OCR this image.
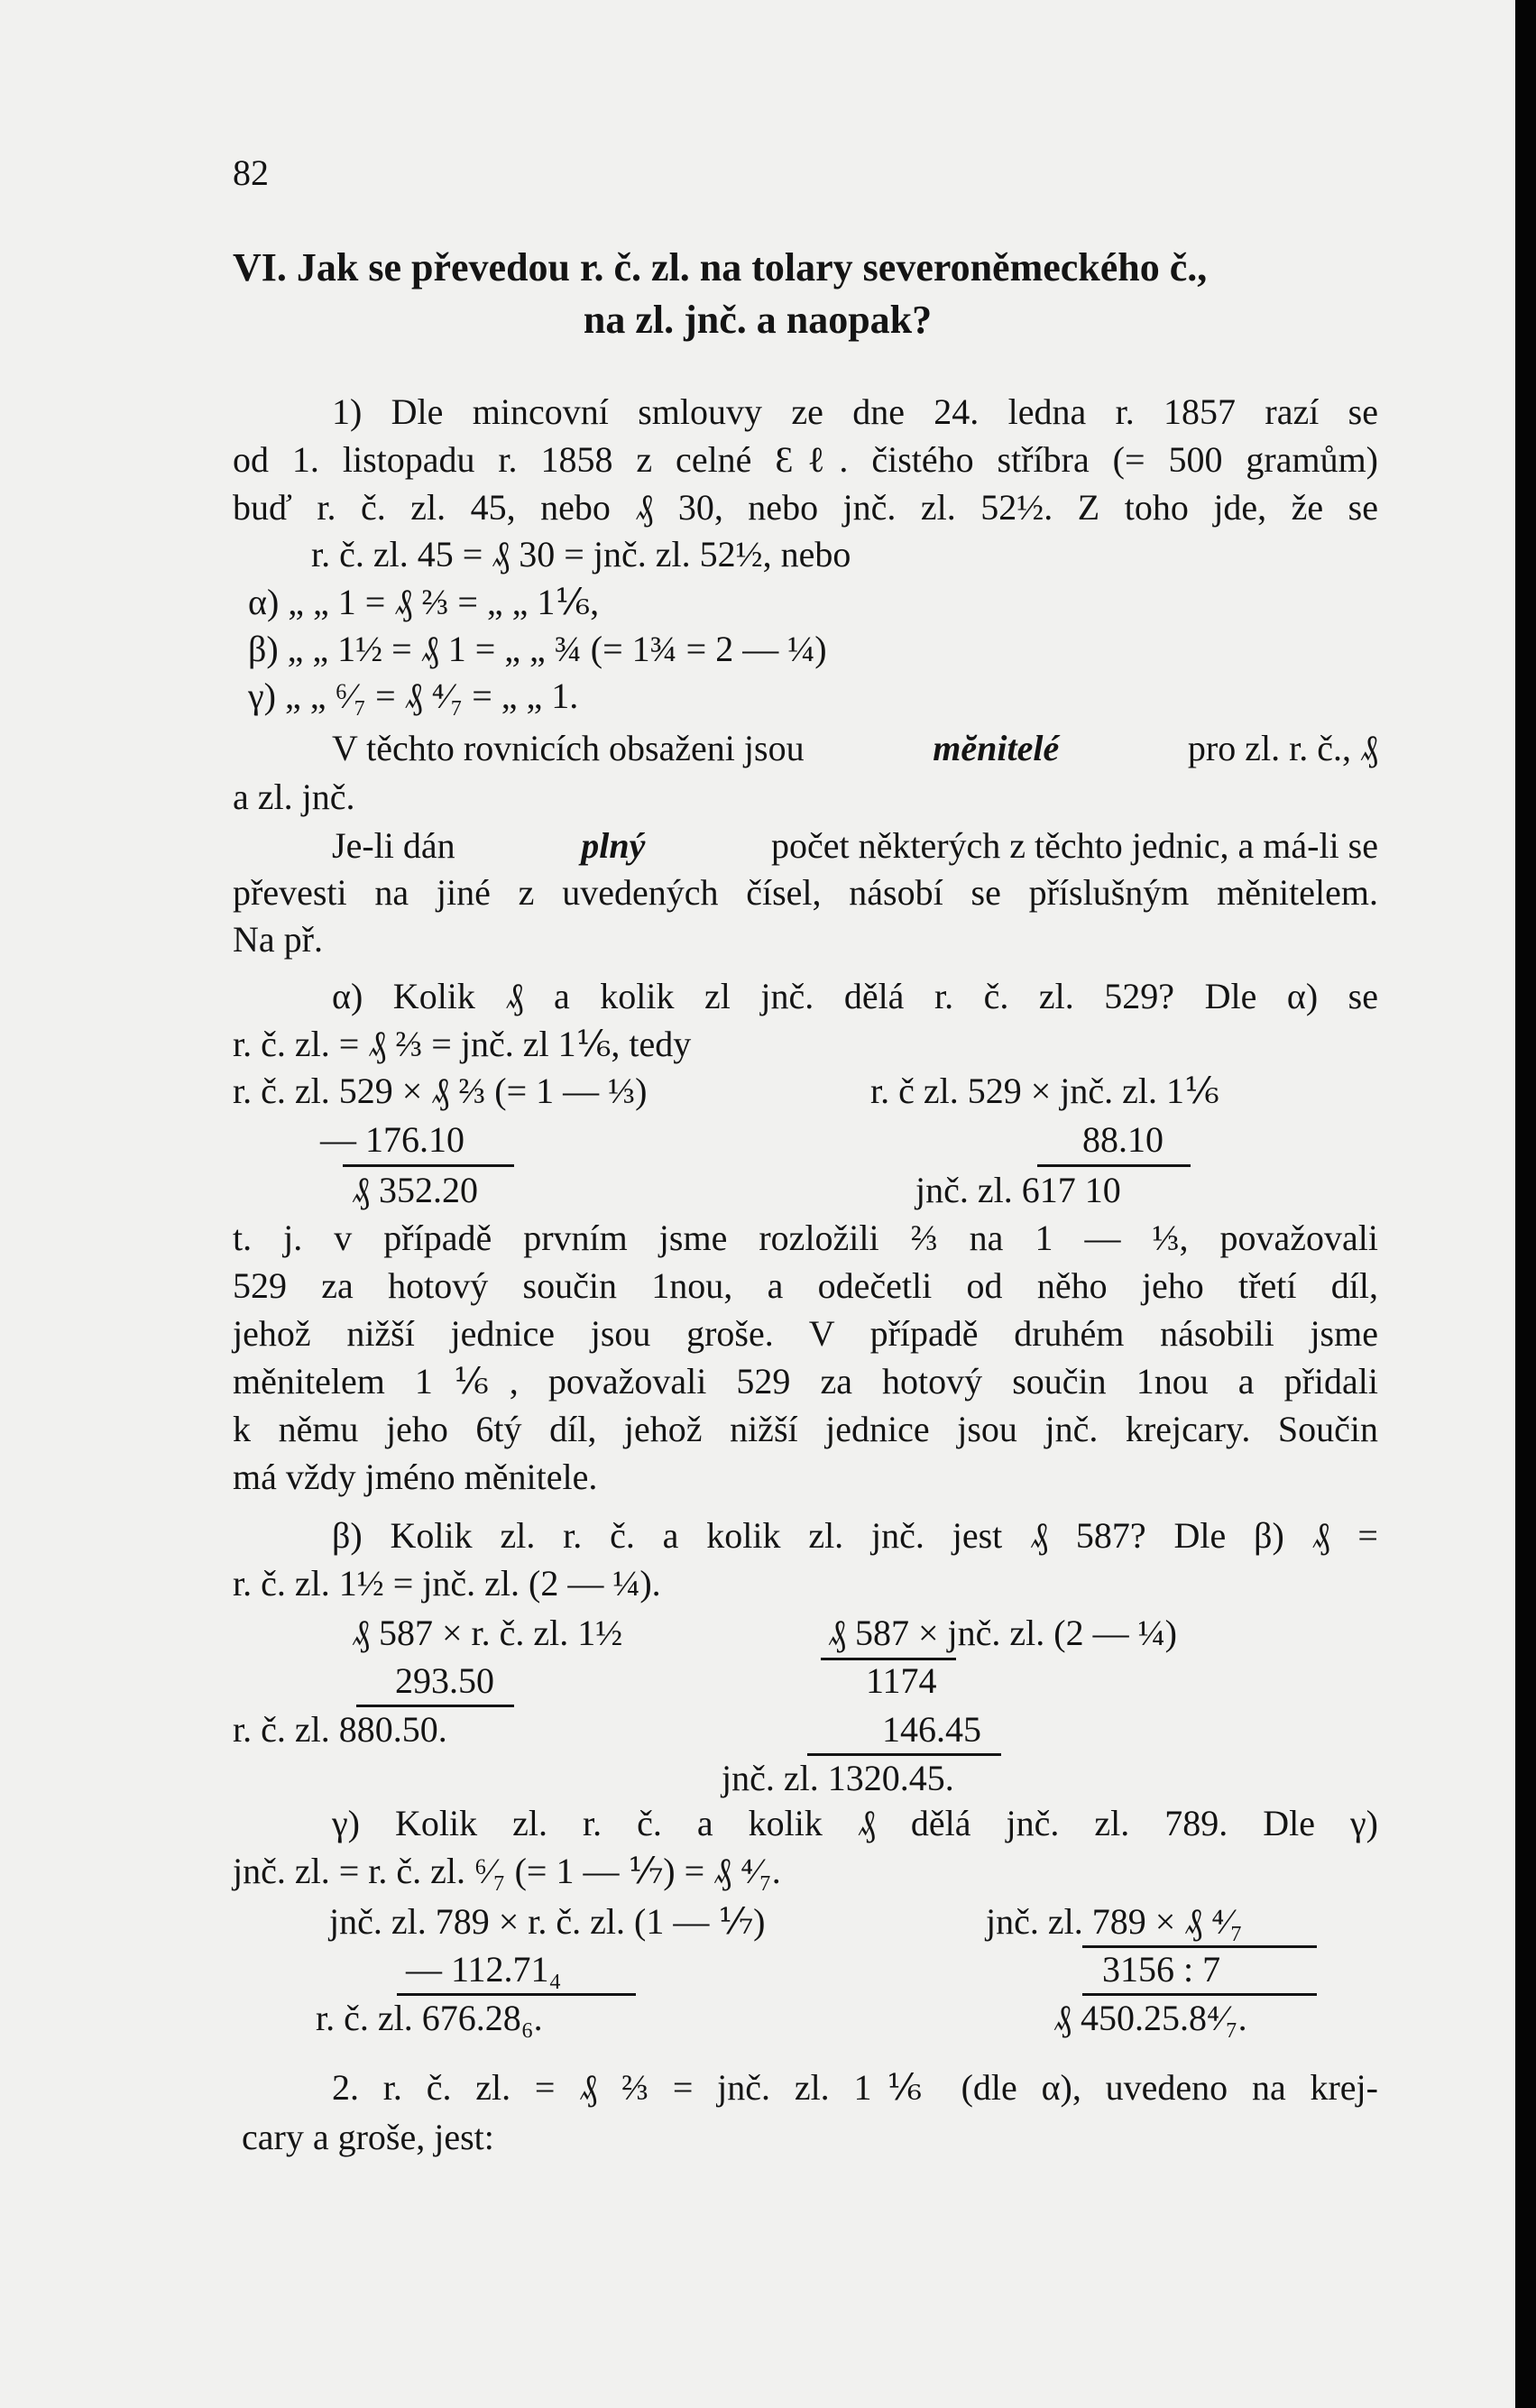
82
VI. Jak se převedou r. č. zl. na tolary severoněmeckého č.,
na zl. jnč. a naopak?
1) Dle mincovní smlouvy ze dne 24. ledna r. 1857 razí se
od 1. listopadu r. 1858 z celné Ɛℓ. čistého stříbra (= 500 gramům)
buď r. č. zl. 45, nebo ₰ 30, nebo jnč. zl. 52½. Z toho jde, že se
r. č. zl. 45 = ₰ 30 = jnč. zl. 52½, nebo
α) „ „ 1 = ₰ ⅔ = „ „ 1⅙,
β) „ „ 1½ = ₰ 1 = „ „ ¾ (= 1¾ = 2 — ¼)
γ) „ „ ⁶⁄₇ = ₰ ⁴⁄₇ = „ „ 1.
V těchto rovnicích obsaženi jsou	mĕnitelé	pro zl. r. č., ₰
a zl. jnč.
Je-li dán	plný	počet některých z těchto jednic, a má-li se
převesti na jiné z uvedených čísel, násobí se příslušným měnitelem.
Na př.
α) Kolik ₰ a kolik zl jnč. dělá r. č. zl. 529? Dle α) se
r. č. zl. = ₰ ⅔ = jnč. zl 1⅙, tedy
r. č. zl. 529 × ₰ ⅔ (= 1 — ⅓)
— 176.10
₰ 352.20
r. č zl. 529 × jnč. zl. 1⅙
88.10
jnč. zl. 617 10
t. j. v případě prvním jsme rozložili ⅔ na 1 — ⅓, považovali
529 za hotový součin 1nou, a odečetli od něho jeho třetí díl,
jehož nižší jednice jsou groše. V případě druhém násobili jsme
měnitelem 1⅙, považovali 529 za hotový součin 1nou a přidali
k němu jeho 6tý díl, jehož nižší jednice jsou jnč. krejcary. Součin
má vždy jméno měnitele.
β) Kolik zl. r. č. a kolik zl. jnč. jest ₰ 587? Dle β) ₰ =
r. č. zl. 1½ = jnč. zl. (2 — ¼).
₰ 587 × r. č. zl. 1½
293.50
r. č. zl. 880.50.
₰ 587 × jnč. zl. (2 — ¼)
1174
146.45
jnč. zl. 1320.45.
γ) Kolik zl. r. č. a kolik ₰ dělá jnč. zl. 789. Dle γ)
jnč. zl. = r. č. zl. ⁶⁄₇ (= 1 — ⅐) = ₰ ⁴⁄₇.
jnč. zl. 789 × r. č. zl. (1 — ⅐)
— 112.71₄
r. č. zl. 676.28₆.
jnč. zl. 789 × ₰ ⁴⁄₇
3156 : 7
₰ 450.25.8⁴⁄₇.
2. r. č. zl. = ₰ ⅔ = jnč. zl. 1⅙ (dle α), uvedeno na krej-
cary a groše, jest:
